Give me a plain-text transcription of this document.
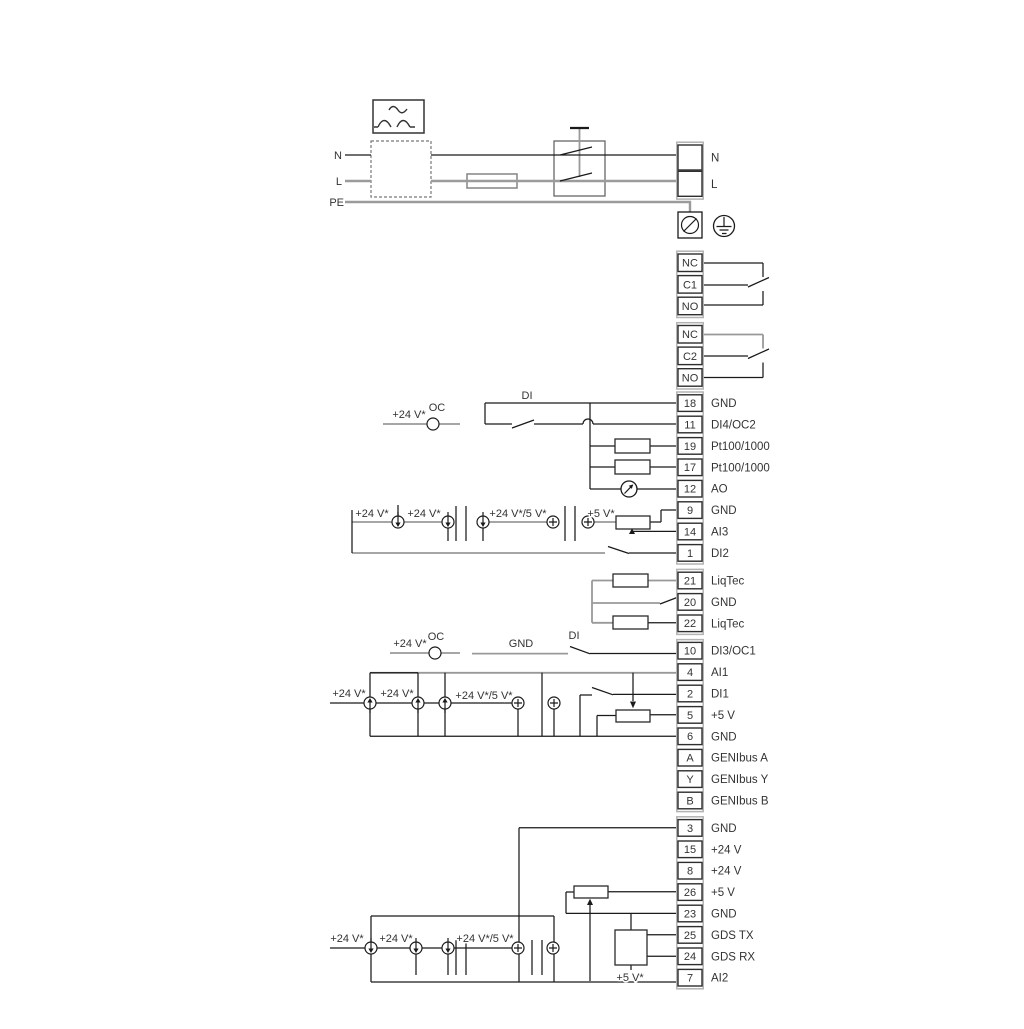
N
L
NC
C1
NO
NC
C2
NO
18 GND
11 DI4/OC2
19 Pt100/1000
17 Pt100/1000
12 AO
9 GND
14 AI3
1 DI2
21 LiqTec
20 GND
22 LiqTec
10 DI3/OC1
4 AI1
2 DI1
5 +5 V
6 GND
A GENIbus A
Y GENIbus Y
B GENIbus B
3 GND
15 +24 V
8 +24 V
26 +5 V
23 GND
25 GDS TX
24 GDS RX
7 AI2
N
L
PE
+24 V*
OC
DI
+24 V* +24 V*	+24 V*/5 V*	+5 V*
+24 V*
OC
GND
DI
+24 V* +24 V*	+24 V*/5 V*
+24 V* +24 V*	+24 V*/5 V*
+5 V*
